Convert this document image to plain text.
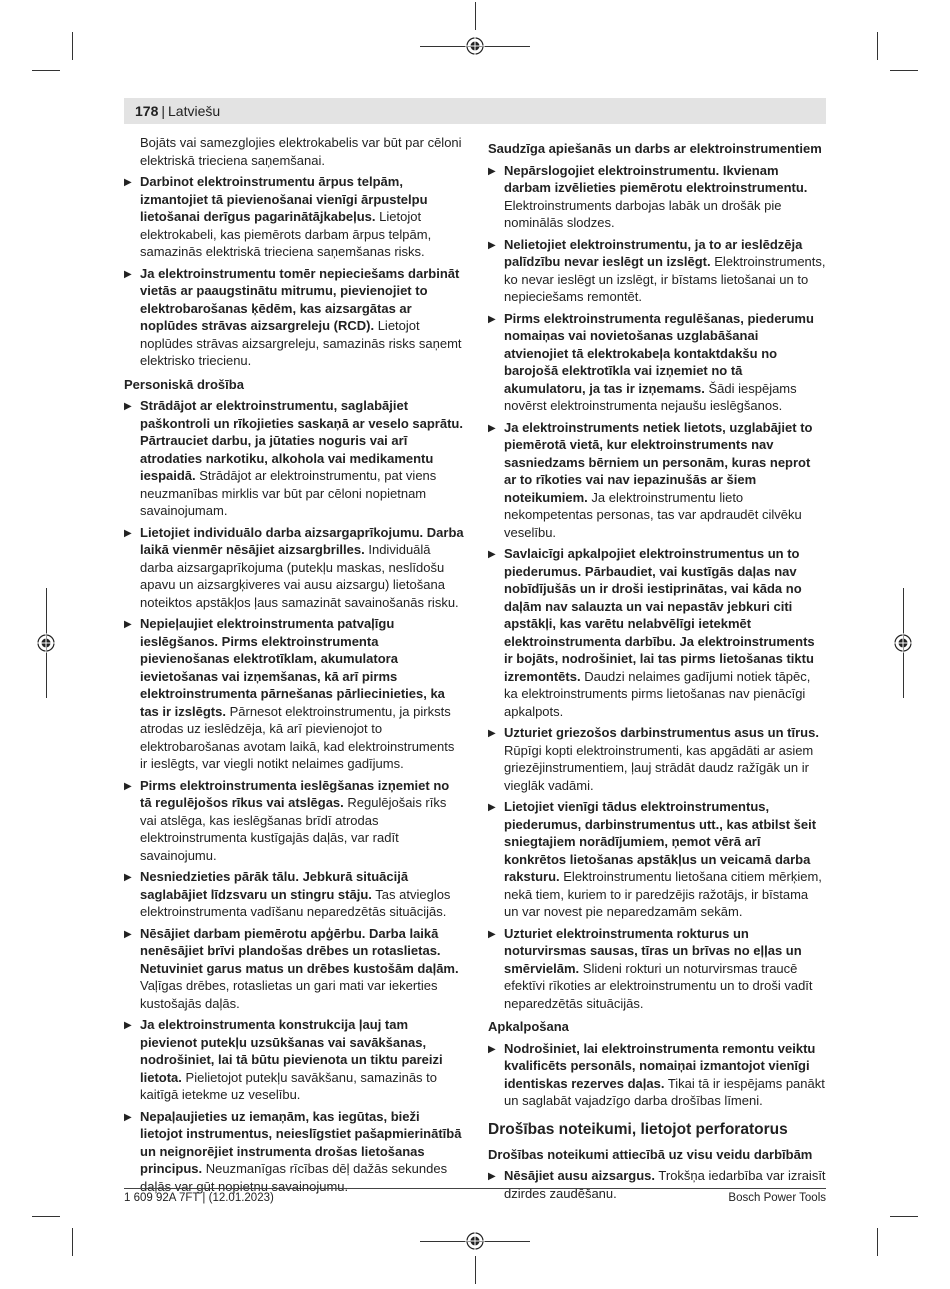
178 | Latviešu
Bojāts vai samezglojies elektrokabelis var būt par cēloni elektriskā trieciena saņemšanai.
▶ Darbinot elektroinstrumentu ārpus telpām, izmantojiet tā pievienošanai vienīgi ārpustelpu lietošanai derīgus pagarinātājkabeļus. Lietojot elektrokabeli, kas piemērots darbam ārpus telpām, samazinās elektriskā trieciena saņemšanas risks.
▶ Ja elektroinstrumentu tomēr nepieciešams darbināt vietās ar paaugstinātu mitrumu, pievienojiet to elektrobarošanas ķēdēm, kas aizsargātas ar noplūdes strāvas aizsargreleju (RCD). Lietojot noplūdes strāvas aizsargreleju, samazinās risks saņemt elektrisko triecienu.
Personiskā drošība
▶ Strādājot ar elektroinstrumentu, saglabājiet paškontroli un rīkojieties saskaņā ar veselo saprātu. Pārtrauciet darbu, ja jūtaties noguris vai arī atrodaties narkotiku, alkohola vai medikamentu iespaidā. Strādājot ar elektroinstrumentu, pat viens neuzmanības mirklis var būt par cēloni nopietnam savainojumam.
▶ Lietojiet individuālo darba aizsargaprīkojumu. Darba laikā vienmēr nēsājiet aizsargbrilles. Individuālā darba aizsargaprīkojuma (putekļu maskas, neslīdošu apavu un aizsargķiveres vai ausu aizsargu) lietošana noteiktos apstākļos ļaus samazināt savainošanās risku.
▶ Nepieļaujiet elektroinstrumenta patvaļīgu ieslēgšanos. Pirms elektroinstrumenta pievienošanas elektrotīklam, akumulatora ievietošanas vai izņemšanas, kā arī pirms elektroinstrumenta pārnešanas pārliecinieties, ka tas ir izslēgts. Pārnesot elektroinstrumentu, ja pirksts atrodas uz ieslēdzēja, kā arī pievienojot to elektrobarošanas avotam laikā, kad elektroinstruments ir ieslēgts, var viegli notikt nelaimes gadījums.
▶ Pirms elektroinstrumenta ieslēgšanas izņemiet no tā regulējošos rīkus vai atslēgas. Regulējošais rīks vai atslēga, kas ieslēgšanas brīdī atrodas elektroinstrumenta kustīgajās daļās, var radīt savainojumu.
▶ Nesniedzieties pārāk tālu. Jebkurā situācijā saglabājiet līdzsvaru un stingru stāju. Tas atvieglos elektroinstrumenta vadīšanu neparedzētās situācijās.
▶ Nēsājiet darbam piemērotu apģērbu. Darba laikā nenēsājiet brīvi plandošas drēbes un rotaslietas. Netuviniet garus matus un drēbes kustošām daļām. Vaļīgas drēbes, rotaslietas un gari mati var iekerties kustošajās daļās.
▶ Ja elektroinstrumenta konstrukcija ļauj tam pievienot putekļu uzsūkšanas vai savākšanas, nodrošiniet, lai tā būtu pievienota un tiktu pareizi lietota. Pielietojot putekļu savākšanu, samazinās to kaitīgā ietekme uz veselību.
▶ Nepaļaujieties uz iemaņām, kas iegūtas, bieži lietojot instrumentus, neieslīgstiet pašapmierinātībā un neignorējiet instrumenta drošas lietošanas principus. Neuzmanīgas rīcības dēļ dažās sekundes daļās var gūt nopietnu savainojumu.
Saudzīga apiešanās un darbs ar elektroinstrumentiem
▶ Nepārslogojiet elektroinstrumentu. Ikvienam darbam izvēlieties piemērotu elektroinstrumentu. Elektroinstruments darbojas labāk un drošāk pie nominālās slodzes.
▶ Nelietojiet elektroinstrumentu, ja to ar ieslēdzēja palīdzību nevar ieslēgt un izslēgt. Elektroinstruments, ko nevar ieslēgt un izslēgt, ir bīstams lietošanai un to nepieciešams remontēt.
▶ Pirms elektroinstrumenta regulēšanas, piederumu nomaiņas vai novietošanas uzglabāšanai atvienojiet tā elektrokabeļa kontaktdakšu no barojošā elektrotīkla vai izņemiet no tā akumulatoru, ja tas ir izņemams. Šādi iespējams novērst elektroinstrumenta nejaušu ieslēgšanos.
▶ Ja elektroinstruments netiek lietots, uzglabājiet to piemērotā vietā, kur elektroinstruments nav sasniedzams bērniem un personām, kuras neprot ar to rīkoties vai nav iepazinušās ar šiem noteikumiem. Ja elektroinstrumentu lieto nekompetentas personas, tas var apdraudēt cilvēku veselību.
▶ Savlaicīgi apkalpojiet elektroinstrumentus un to piederumus. Pārbaudiet, vai kustīgās daļas nav nobīdījušās un ir droši iestiprinātas, vai kāda no daļām nav salauzta un vai nepastāv jebkuri citi apstākļi, kas varētu nelabvēlīgi ietekmēt elektroinstrumenta darbību. Ja elektroinstruments ir bojāts, nodrošiniet, lai tas pirms lietošanas tiktu izremontēts. Daudzi nelaimes gadījumi notiek tāpēc, ka elektroinstruments pirms lietošanas nav pienācīgi apkalpots.
▶ Uzturiet griezošos darbinstrumentus asus un tīrus. Rūpīgi kopti elektroinstrumenti, kas apgādāti ar asiem griezējinstrumentiem, ļauj strādāt daudz ražīgāk un ir vieglāk vadāmi.
▶ Lietojiet vienīgi tādus elektroinstrumentus, piederumus, darbinstrumentus utt., kas atbilst šeit sniegtajiem norādījumiem, ņemot vērā arī konkrētos lietošanas apstākļus un veicamā darba raksturu. Elektroinstrumentu lietošana citiem mērķiem, nekā tiem, kuriem to ir paredzējis ražotājs, ir bīstama un var novest pie neparedzamām sekām.
▶ Uzturiet elektroinstrumenta rokturus un noturvirsmas sausas, tīras un brīvas no eļļas un smērvielām. Slideni rokturi un noturvirsmas traucē efektīvi rīkoties ar elektroinstrumentu un to droši vadīt neparedzētās situācijās.
Apkalpošana
▶ Nodrošiniet, lai elektroinstrumenta remontu veiktu kvalificēts personāls, nomaiņai izmantojot vienīgi identiskas rezerves daļas. Tikai tā ir iespējams panākt un saglabāt vajadzīgo darba drošības līmeni.
Drošības noteikumi, lietojot perforatorus
Drošības noteikumi attiecībā uz visu veidu darbībām
▶ Nēsājiet ausu aizsargus. Trokšņa iedarbība var izraisīt dzirdes zaudēšanu.
1 609 92A 7FT | (12.01.2023)	Bosch Power Tools
